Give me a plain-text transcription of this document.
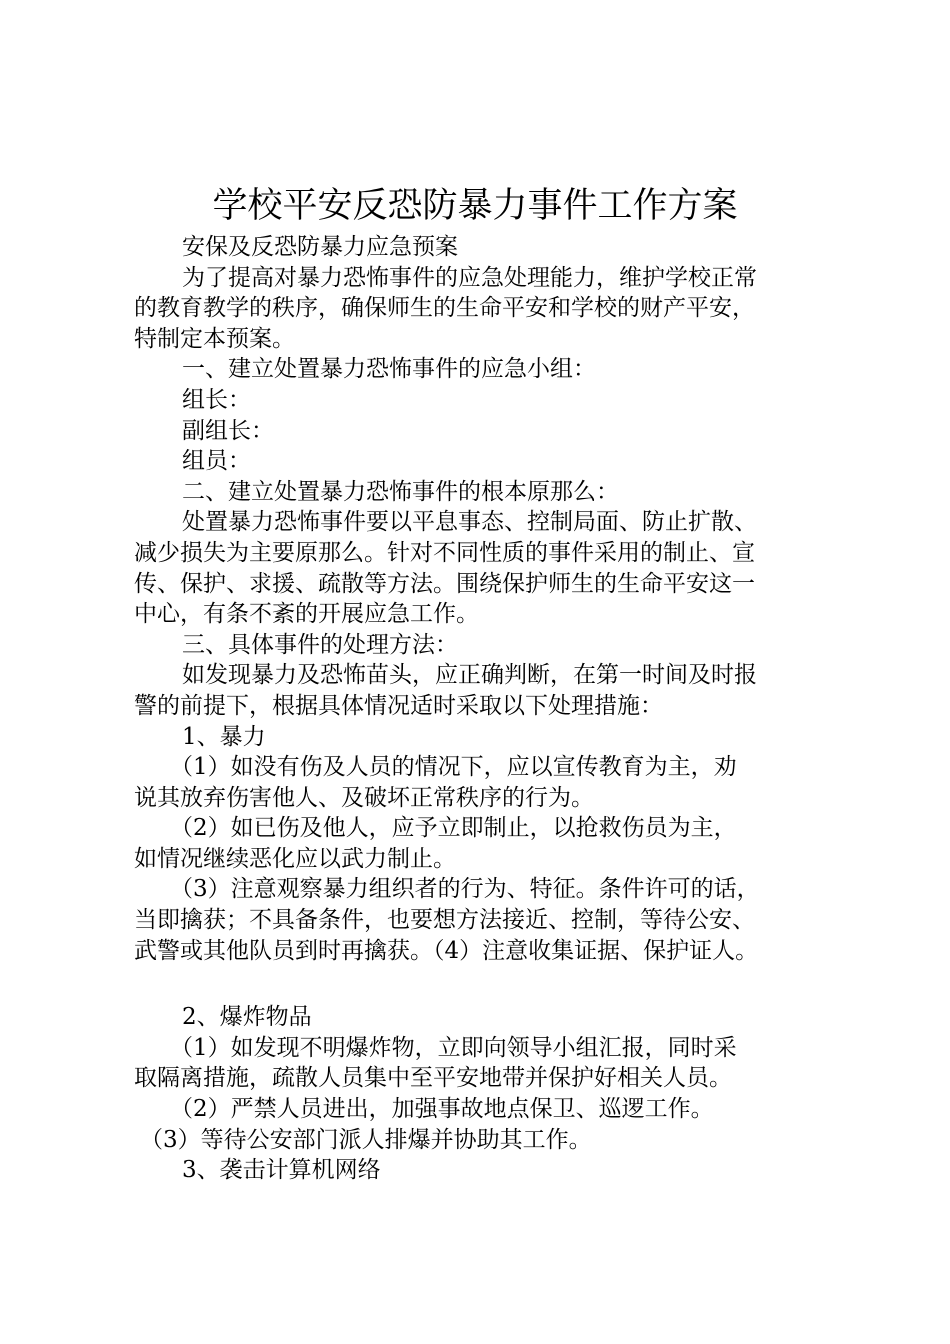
学校平安反恐防暴力事件工作方案

安保及反恐防暴力应急预案

为了提高对暴力恐怖事件的应急处理能力，维护学校正常

的教育教学的秩序，确保师生的生命平安和学校的财产平安，

特制定本预案。

一、建立处置暴力恐怖事件的应急小组：

组长：

副组长：

组员：

二、建立处置暴力恐怖事件的根本原那么：

处置暴力恐怖事件要以平息事态、控制局面、防止扩散、

减少损失为主要原那么。针对不同性质的事件采用的制止、宣

传、保护、求援、疏散等方法。围绕保护师生的生命平安这一

中心，有条不紊的开展应急工作。

三、具体事件的处理方法：

如发现暴力及恐怖苗头，应正确判断，在第一时间及时报

警的前提下，根据具体情况适时采取以下处理措施：

1、暴力

（1）如没有伤及人员的情况下，应以宣传教育为主，劝

说其放弃伤害他人、及破坏正常秩序的行为。

（2）如已伤及他人，应予立即制止，以抢救伤员为主，

如情况继续恶化应以武力制止。

（3）注意观察暴力组织者的行为、特征。条件许可的话，

当即擒获；不具备条件，也要想方法接近、控制，等待公安、

武警或其他队员到时再擒获。（4）注意收集证据、保护证人。

2、爆炸物品

（1）如发现不明爆炸物，立即向领导小组汇报，同时采

取隔离措施，疏散人员集中至平安地带并保护好相关人员。

（2）严禁人员进出，加强事故地点保卫、巡逻工作。

（3）等待公安部门派人排爆并协助其工作。

3、袭击计算机网络
